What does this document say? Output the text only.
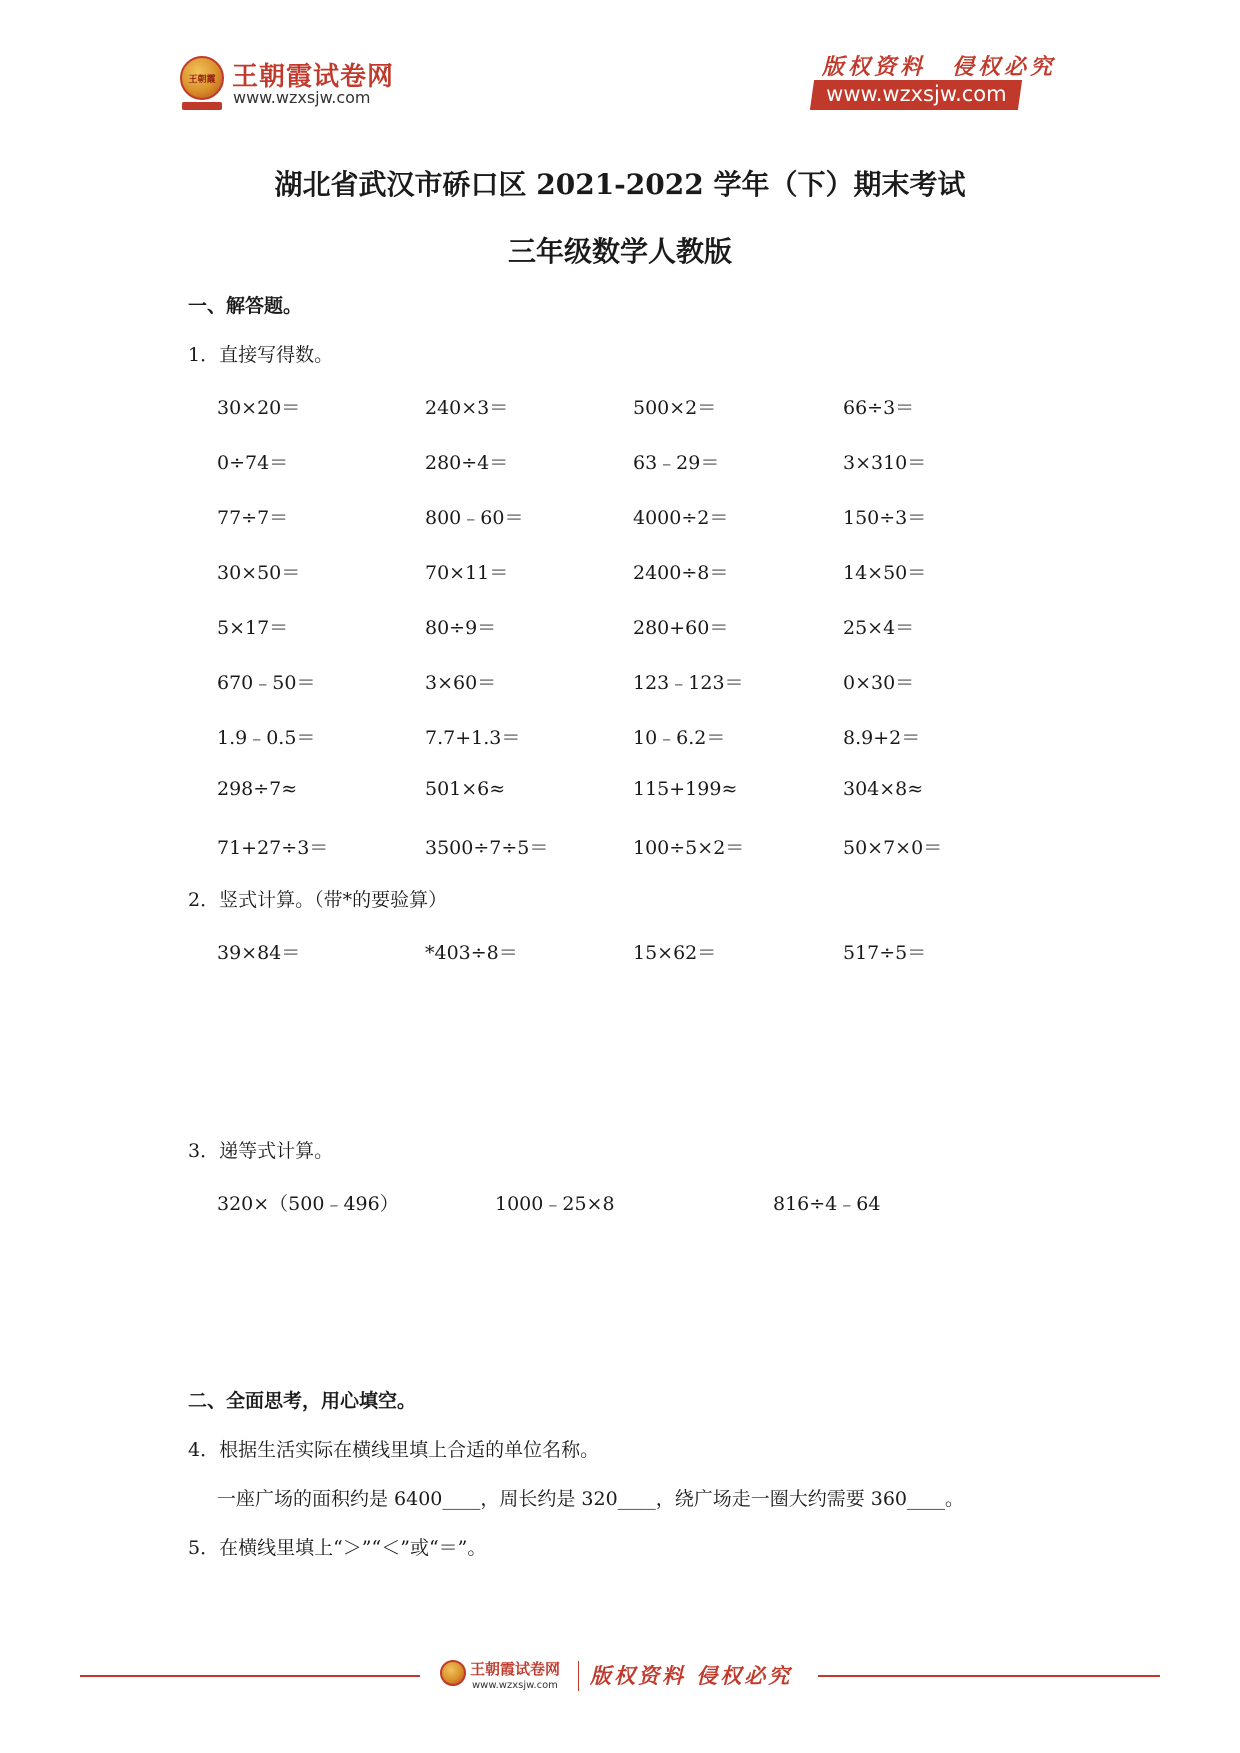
王朝霞 王朝霞试卷网
www.wzxsjw.com
版权资料　侵权必究
www.wzxsjw.com
湖北省武汉市硚口区 2021-2022 学年（下）期末考试
三年级数学人教版
一、解答题。
1．直接写得数。
30×20＝	240×3＝	500×2＝	66÷3＝
0÷74＝	280÷4＝	63﹣29＝	3×310＝
77÷7＝	800﹣60＝	4000÷2＝	150÷3＝
30×50＝	70×11＝	2400÷8＝	14×50＝
5×17＝	80÷9＝	280+60＝	25×4＝
670﹣50＝	3×60＝	123﹣123＝	0×30＝
1.9﹣0.5＝	7.7+1.3＝	10﹣6.2＝	8.9+2＝
298÷7≈	501×6≈	115+199≈	304×8≈
71+27÷3＝	3500÷7÷5＝	100÷5×2＝	50×7×0＝
2．竖式计算。（带*的要验算）
39×84＝	*403÷8＝	15×62＝	517÷5＝
3．递等式计算。
320×（500﹣496）	1000﹣25×8	816÷4﹣64
二、全面思考，用心填空。
4．根据生活实际在横线里填上合适的单位名称。
一座广场的面积约是 6400____，周长约是 320____，绕广场走一圈大约需要 360____。
5．在横线里填上“＞”“＜”或“＝”。
王朝霞试卷网
www.wzxsjw.com 版权资料 侵权必究
